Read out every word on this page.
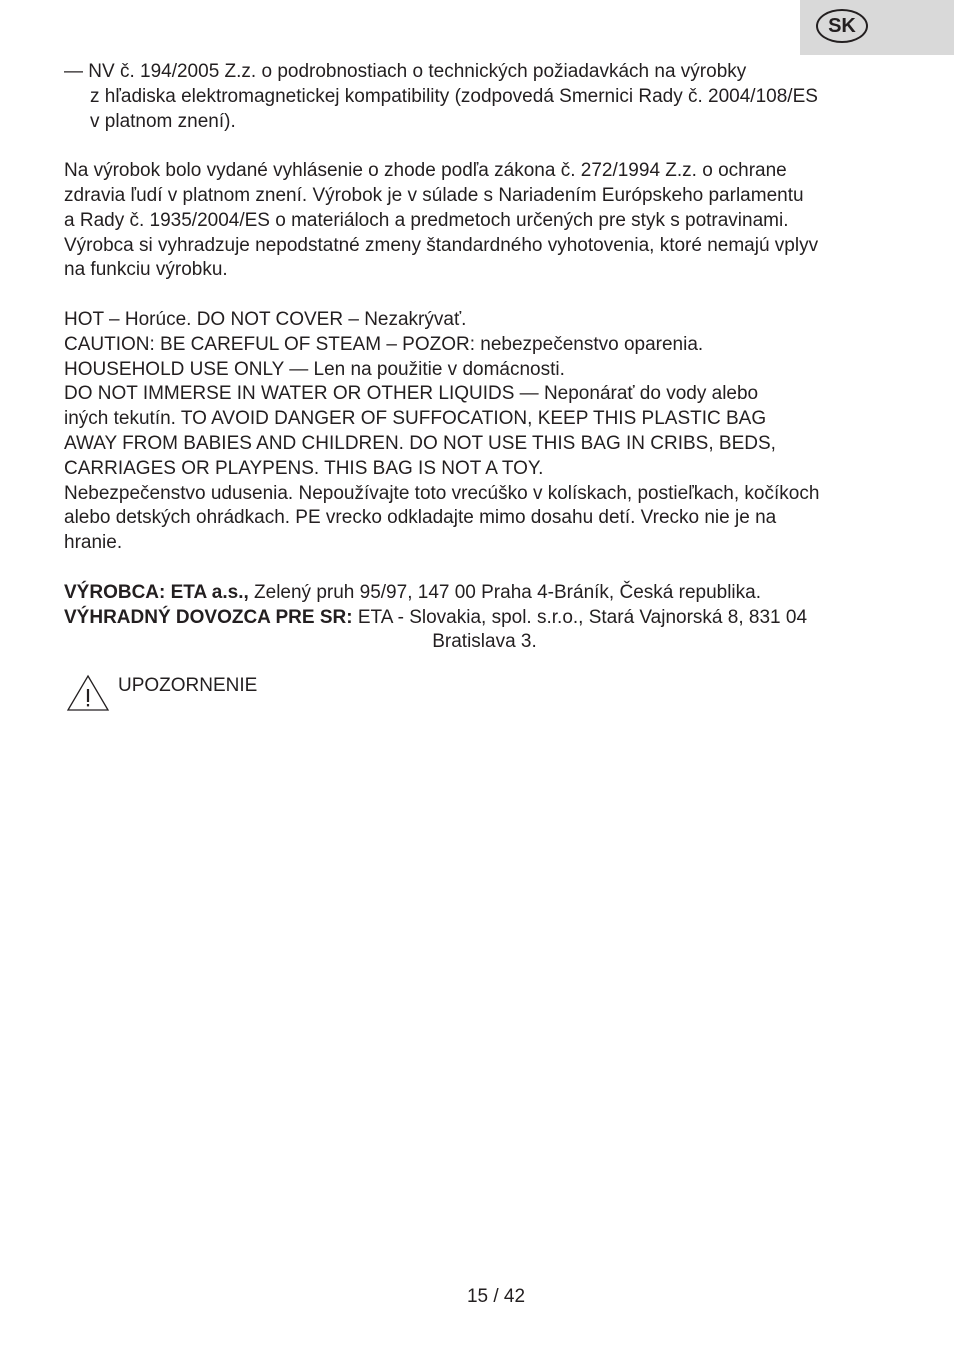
SK
— NV č. 194/2005 Z.z. o podrobnostiach o technických požiadavkách na výrobky
z hľadiska elektromagnetickej kompatibility (zodpovedá Smernici Rady č. 2004/108/ES
v platnom znení).
Na výrobok bolo vydané vyhlásenie o zhode podľa zákona č. 272/1994 Z.z. o ochrane
zdravia ľudí v platnom znení. Výrobok je v súlade s Nariadením Európskeho parlamentu
a Rady č. 1935/2004/ES o materiáloch a predmetoch určených pre styk s potravinami.
Výrobca si vyhradzuje nepodstatné zmeny štandardného vyhotovenia, ktoré nemajú vplyv
na funkciu výrobku.
HOT – Horúce. DO NOT COVER – Nezakrývať.
CAUTION: BE CAREFUL OF STEAM – POZOR: nebezpečenstvo oparenia.
HOUSEHOLD USE ONLY — Len na použitie v domácnosti.
DO NOT IMMERSE IN WATER OR OTHER LIQUIDS — Neponárať do vody alebo
iných tekutín. TO AVOID DANGER OF SUFFOCATION, KEEP THIS PLASTIC BAG
AWAY FROM BABIES AND CHILDREN. DO NOT USE THIS BAG IN CRIBS, BEDS,
CARRIAGES OR PLAYPENS. THIS BAG IS NOT A TOY.
Nebezpečenstvo udusenia. Nepoužívajte toto vrecúško v kolískach, postieľkach, kočíkoch
alebo detských ohrádkach. PE vrecko odkladajte mimo dosahu detí. Vrecko nie je na
hranie.
VÝROBCA: ETA a.s., Zelený pruh 95/97, 147 00 Praha 4-Bráník, Česká republika.
VÝHRADNÝ DOVOZCA PRE SR: ETA - Slovakia, spol. s.r.o., Stará Vajnorská 8, 831 04
Bratislava 3.
UPOZORNENIE
15 / 42
